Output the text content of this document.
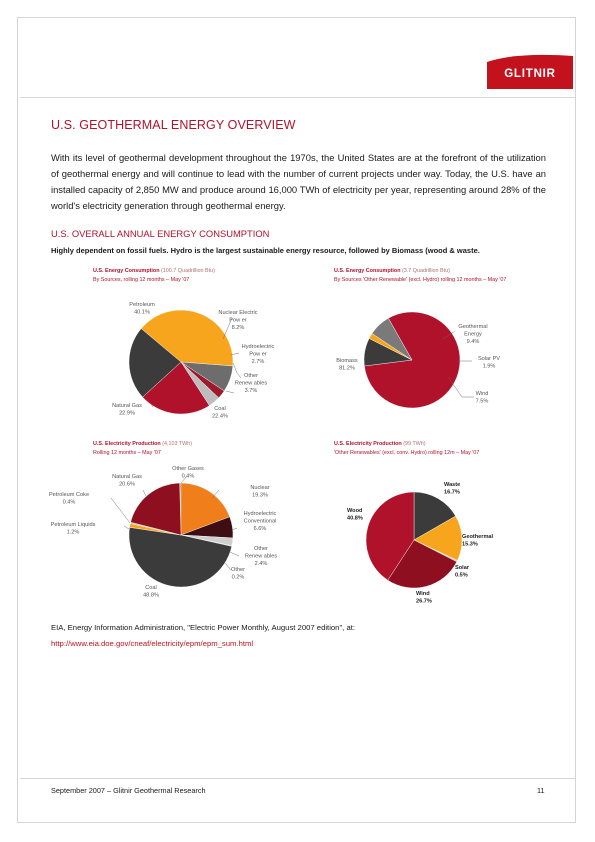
GLITNIR
U.S. GEOTHERMAL ENERGY OVERVIEW

With its level of geothermal development throughout the 1970s, the United States are at the forefront of the utilization of geothermal energy and will continue to lead with the number of current projects under way. Today, the U.S. have an installed capacity of 2,850 MW and produce around 16,000 TWh of electricity per year, representing around 28% of the world's electricity generation through geothermal energy.

U.S. OVERALL ANNUAL ENERGY CONSUMPTION

Highly dependent on fossil fuels. Hydro is the largest sustainable energy resource, followed by Biomass (wood & waste.

U.S. Energy Consumption (100.7 Quadrillion Btu)
By Sources, rolling 12 months – May '07
Petroleum 40.1%	Nuclear Electric Pow er 8.2%
Hydroelectric Pow er 2.7%
Other Renew ables 3.7%
Coal 22.4%
Natural Gas 22.9%
U.S. Energy Consumption (3.7 Quadrillion Btu)
By Sources 'Other Renewable' (excl. Hydro) rolling 12 months – May '07
Biomass 81.2%
Geothermal Energy 9.4%
Solar PV 1.9%
Wind 7.5%
U.S. Electricity Production (4,103 TWh)
Rolling 12 months – May '07
Other Gases 0.4%
Nuclear 19.3%
Hydroelectric Conventional 6.6%
Other Renew ables 2.4%
Other 0.2%
Coal 48.8%
Petroleum Liquids 1.2%
Petroleum Coke 0.4%
Natural Gas 20.6%
U.S. Electricity Production (99 TWh)
'Other Renewables' (excl. conv. Hydro) rolling 12m – May '07
Waste 16.7%
Geothermal 15.3%
Solar 0.5%
Wind 26.7%
Wood 40.8%

EIA, Energy Information Administration, "Electric Power Monthly, August 2007 edition", at:

http://www.eia.doe.gov/cneaf/electricity/epm/epm_sum.html

September 2007 – Glitnir Geothermal Research	11
